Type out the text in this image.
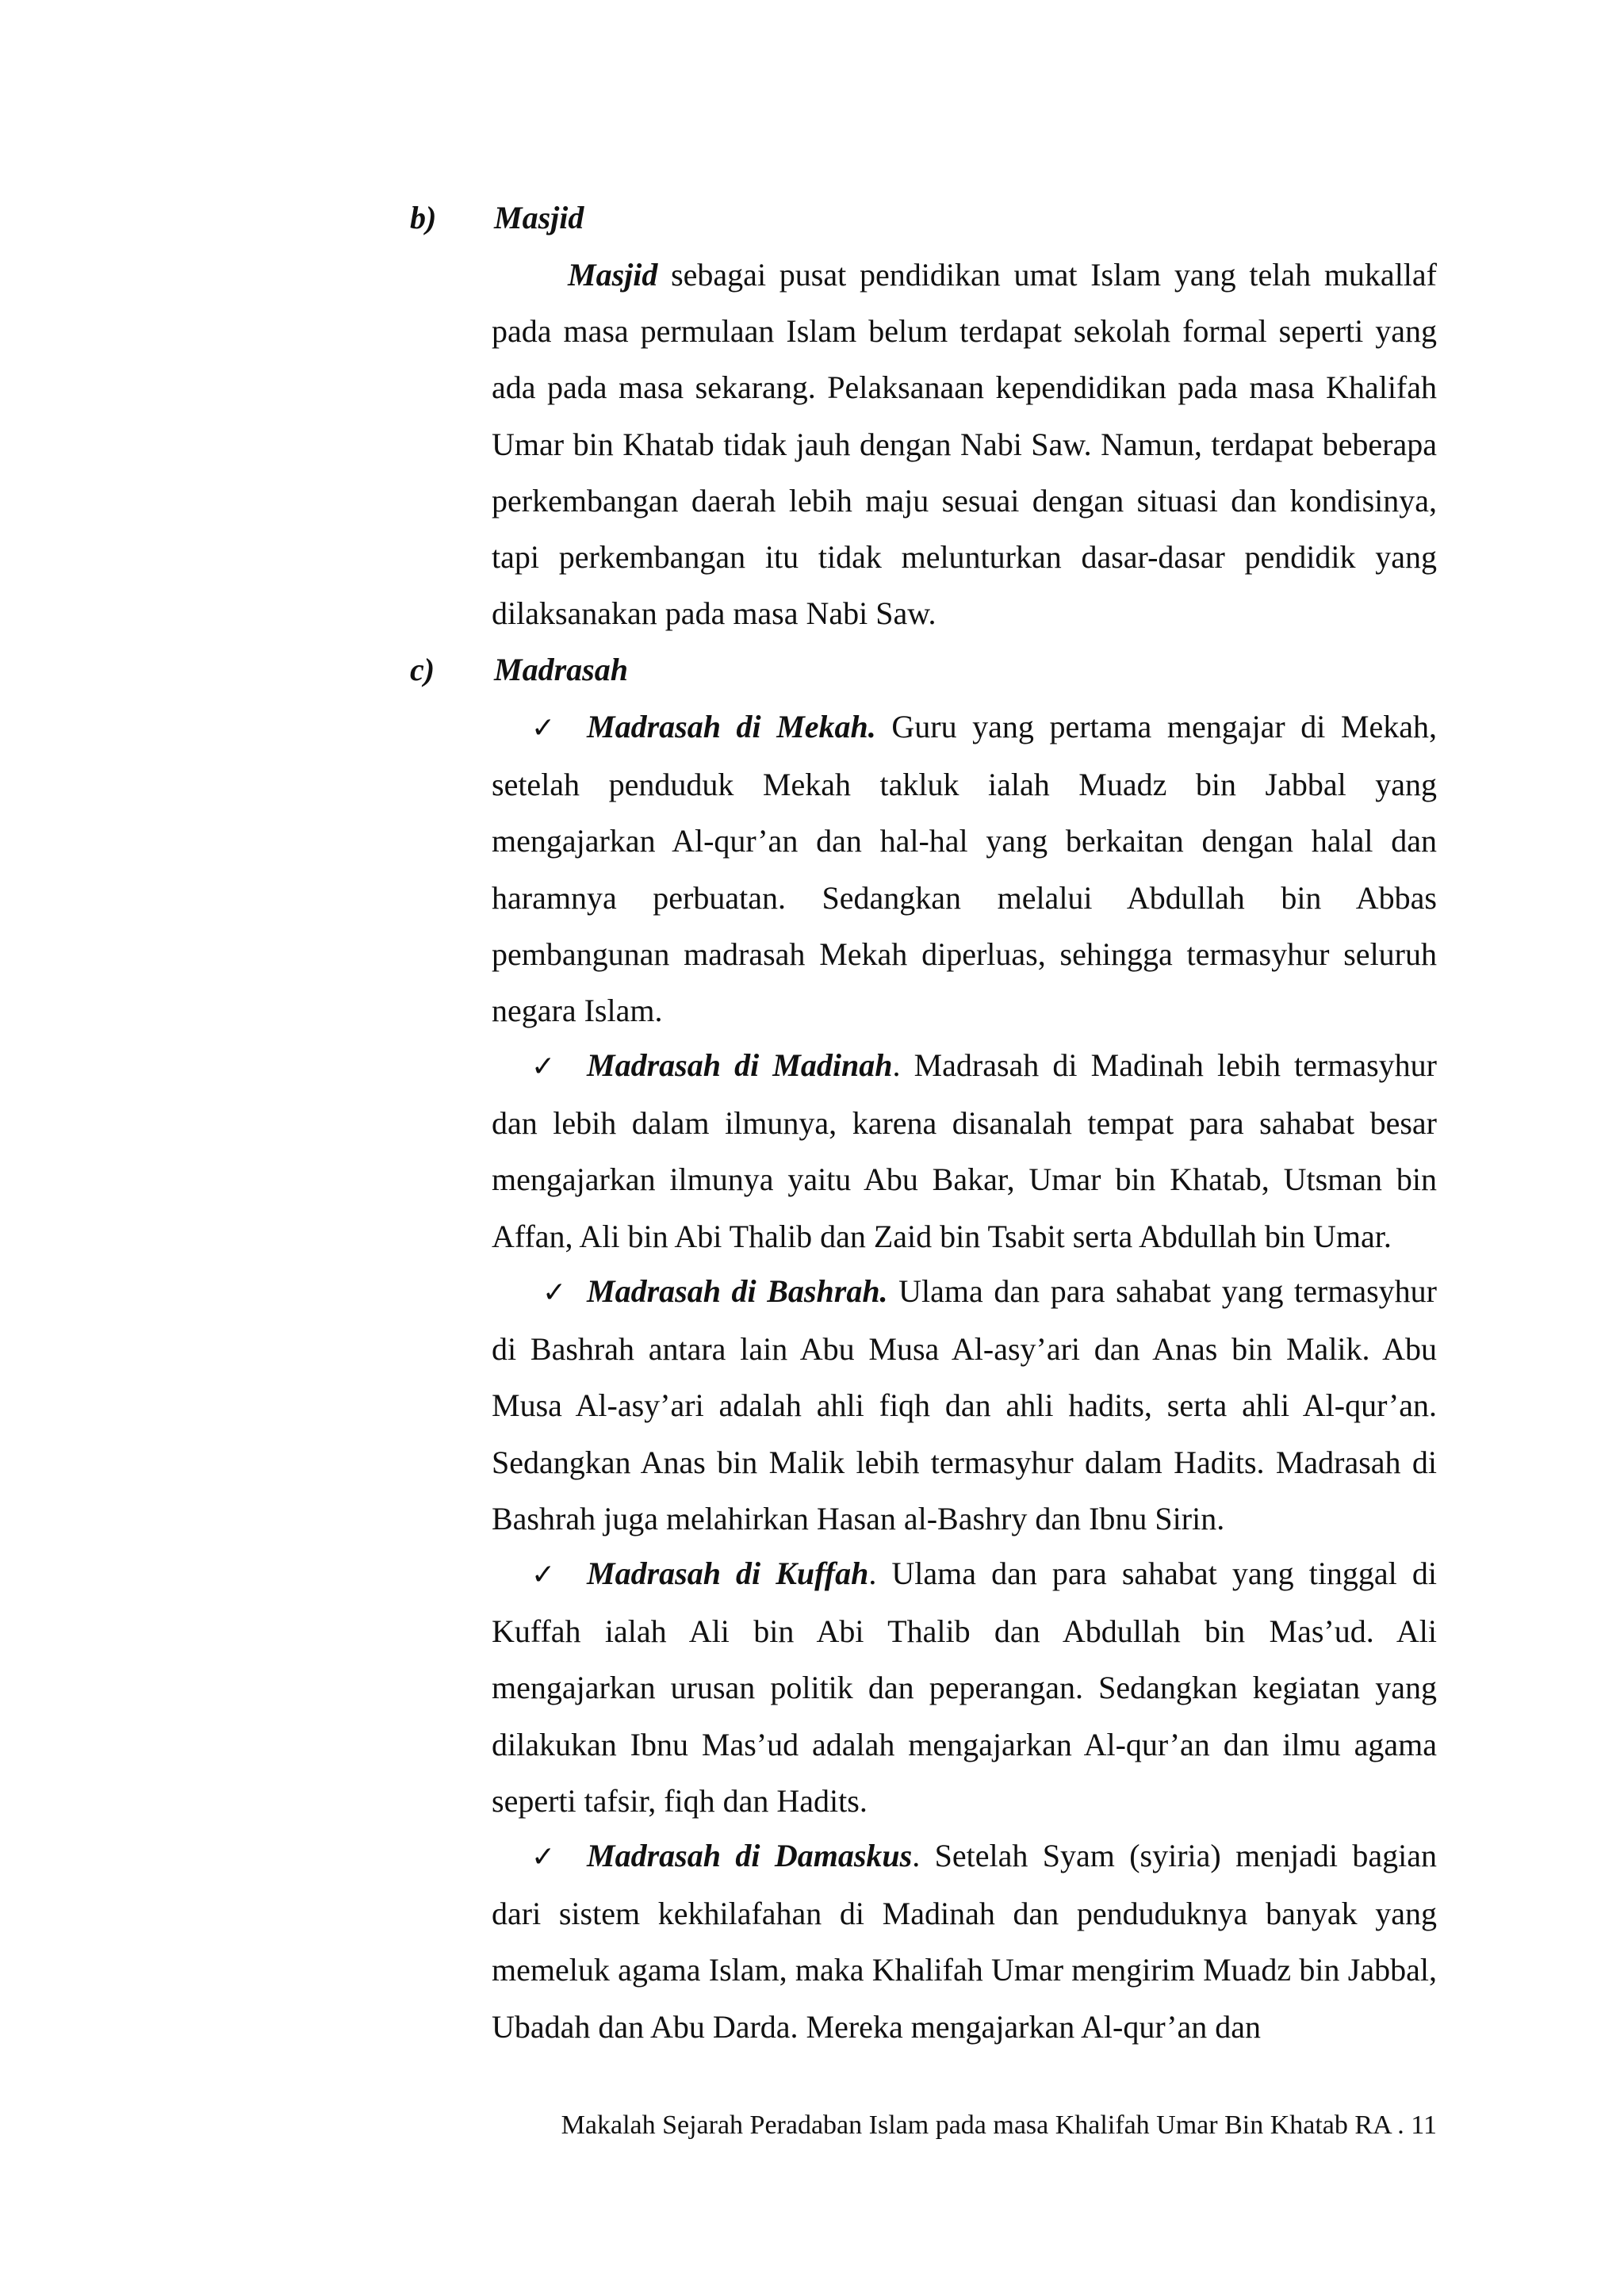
b) Masjid

Masjid sebagai pusat pendidikan umat Islam yang telah mukallaf pada masa permulaan Islam belum terdapat sekolah formal seperti yang ada pada masa sekarang. Pelaksanaan kependidikan pada masa Khalifah Umar bin Khatab tidak jauh dengan Nabi Saw. Namun, terdapat beberapa perkembangan daerah lebih maju sesuai dengan situasi dan kondisinya, tapi perkembangan itu tidak melunturkan dasar-dasar pendidik yang dilaksanakan pada masa Nabi Saw.

c) Madrasah

✓ Madrasah di Mekah. Guru yang pertama mengajar di Mekah, setelah penduduk Mekah takluk ialah Muadz bin Jabbal yang mengajarkan Al-qur’an dan hal-hal yang berkaitan dengan halal dan haramnya perbuatan. Sedangkan melalui Abdullah bin Abbas pembangunan madrasah Mekah diperluas, sehingga termasyhur seluruh negara Islam.

✓ Madrasah di Madinah. Madrasah di Madinah lebih termasyhur dan lebih dalam ilmunya, karena disanalah tempat para sahabat besar mengajarkan ilmunya yaitu Abu Bakar, Umar bin Khatab, Utsman bin Affan, Ali bin Abi Thalib dan Zaid bin Tsabit serta Abdullah bin Umar.

✓ Madrasah di Bashrah. Ulama dan para sahabat yang termasyhur di Bashrah antara lain Abu Musa Al-asy’ari dan Anas bin Malik. Abu Musa Al-asy’ari adalah ahli fiqh dan ahli hadits, serta ahli Al-qur’an. Sedangkan Anas bin Malik lebih termasyhur dalam Hadits. Madrasah di Bashrah juga melahirkan Hasan al-Bashry dan Ibnu Sirin.

✓ Madrasah di Kuffah. Ulama dan para sahabat yang tinggal di Kuffah ialah Ali bin Abi Thalib dan Abdullah bin Mas’ud. Ali mengajarkan urusan politik dan peperangan. Sedangkan kegiatan yang dilakukan Ibnu Mas’ud adalah mengajarkan Al-qur’an dan ilmu agama seperti tafsir, fiqh dan Hadits.

✓ Madrasah di Damaskus. Setelah Syam (syiria) menjadi bagian dari sistem kekhilafahan di Madinah dan penduduknya banyak yang memeluk agama Islam, maka Khalifah Umar mengirim Muadz bin Jabbal, Ubadah dan Abu Darda. Mereka mengajarkan Al-qur’an dan

Makalah Sejarah Peradaban Islam pada masa Khalifah Umar Bin Khatab RA . 11
